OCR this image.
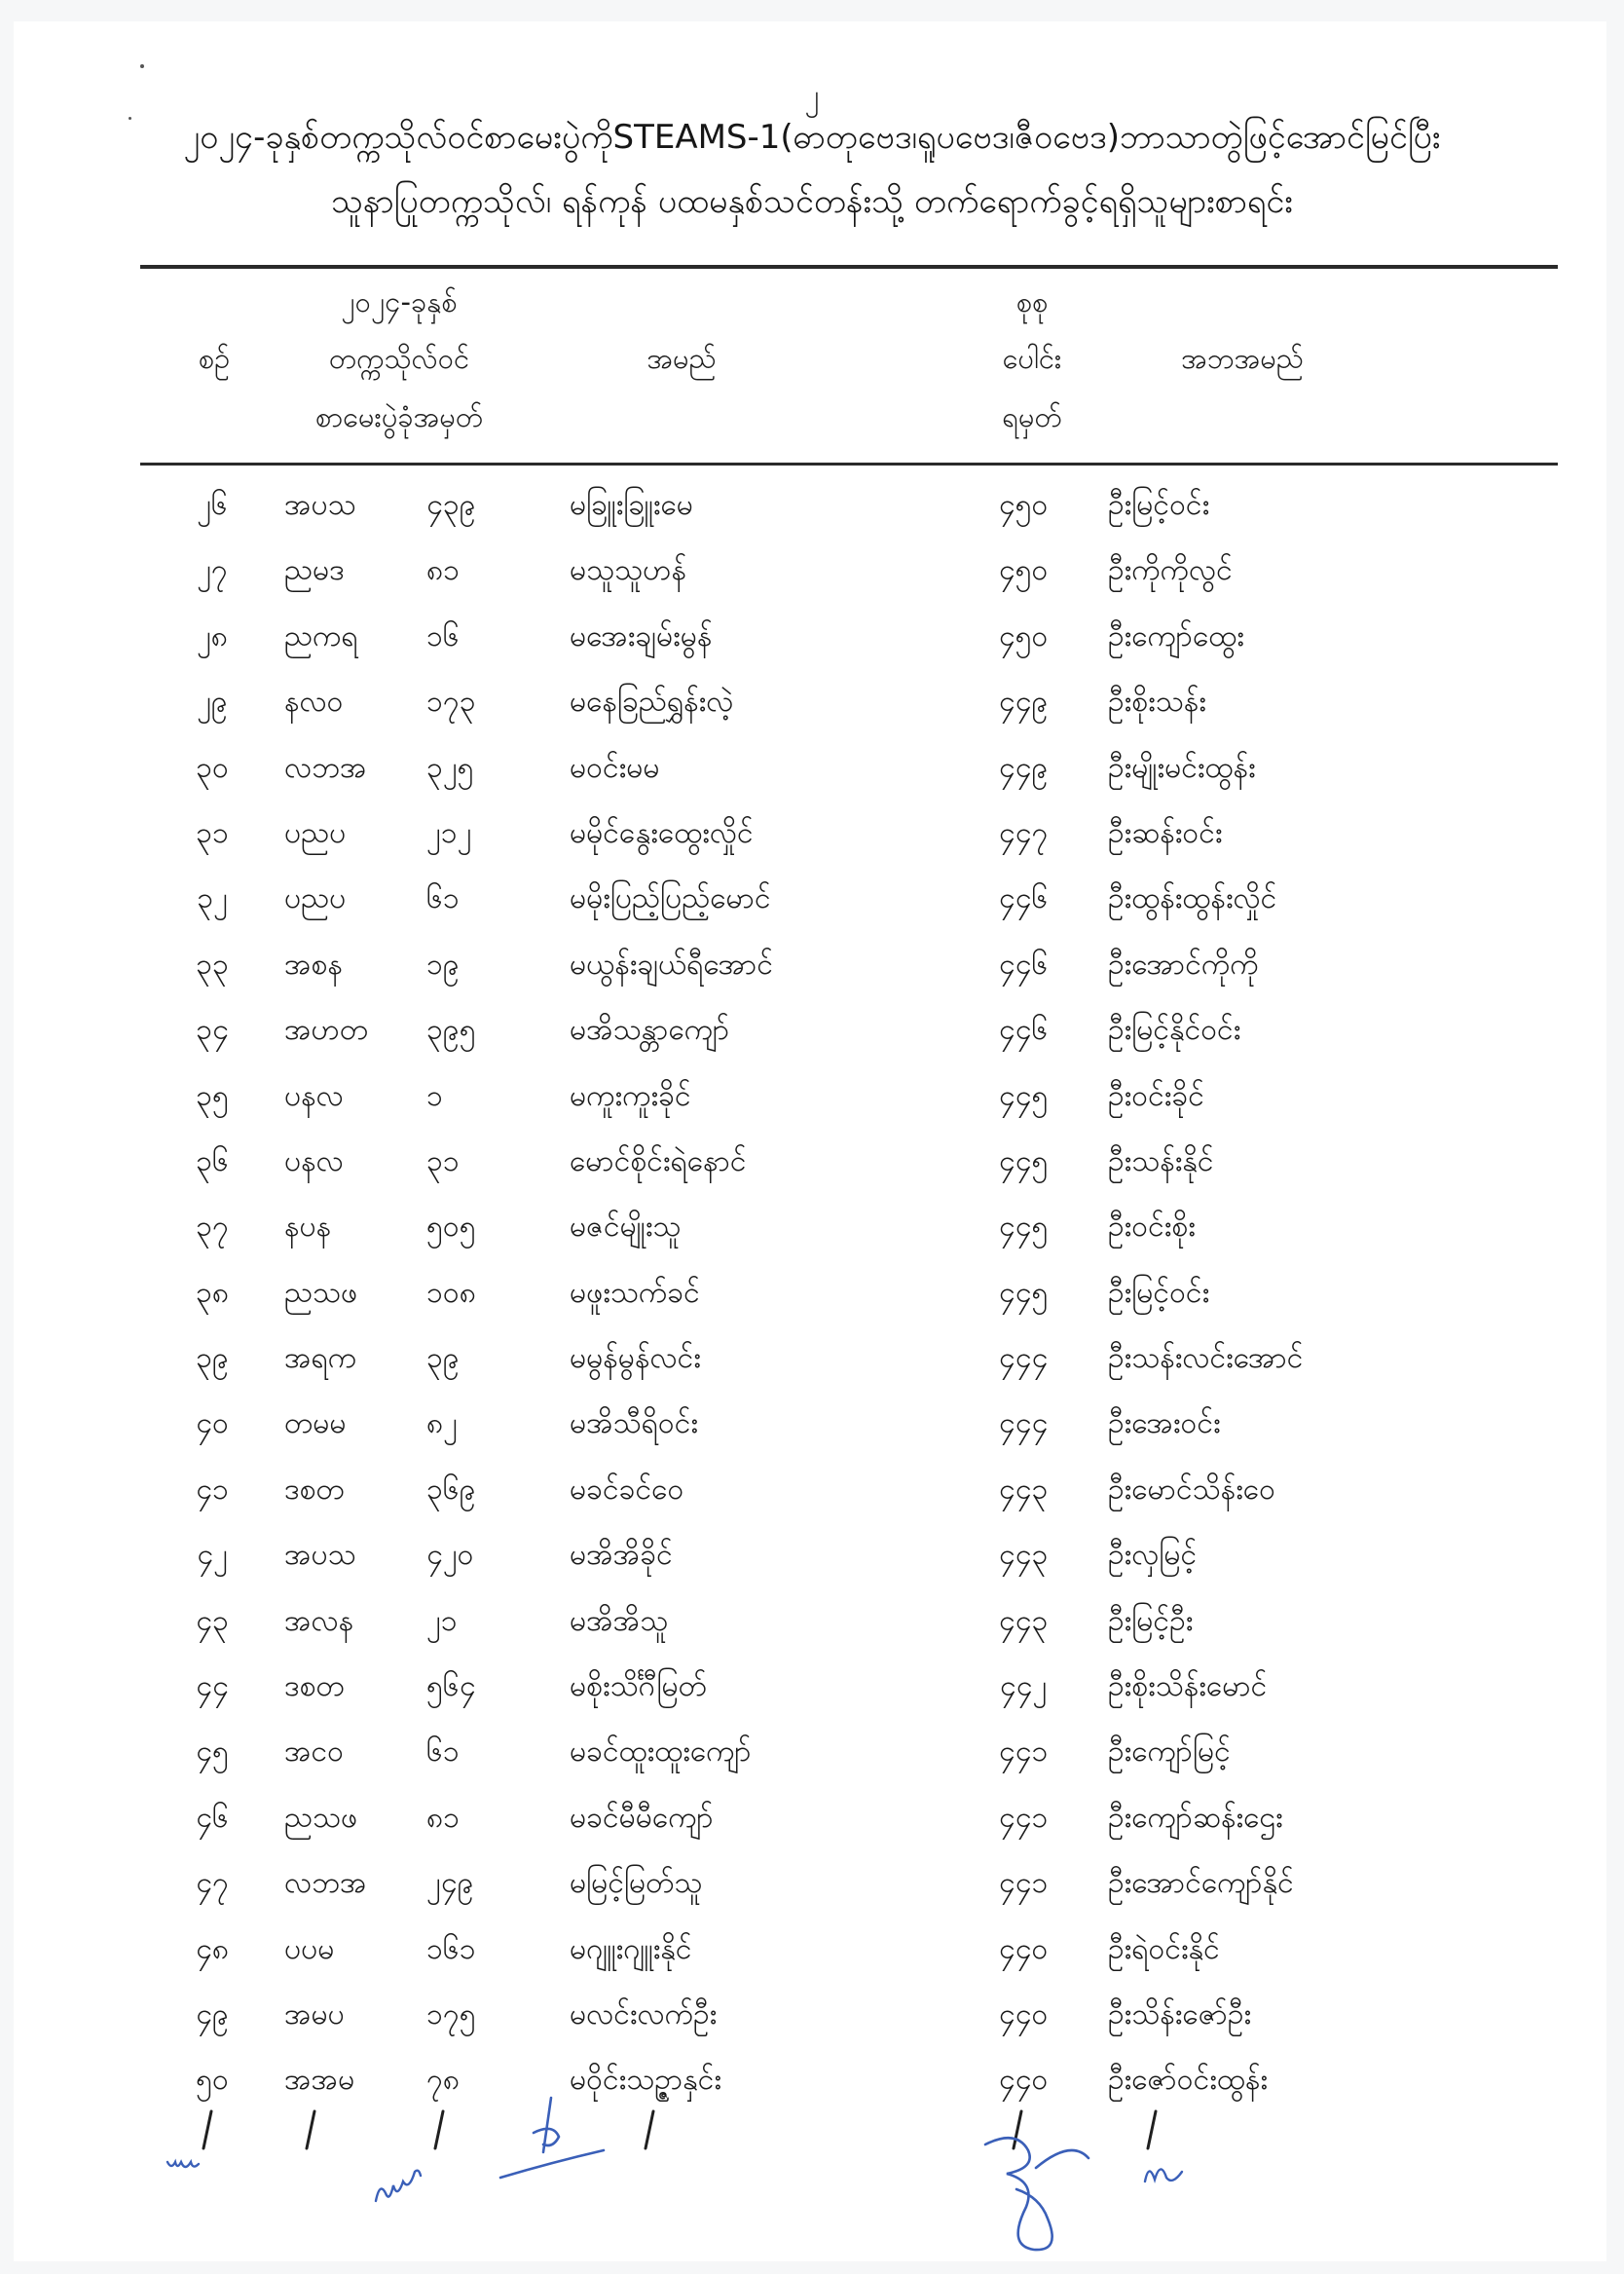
၂
၂၀၂၄-ခုနှစ်တက္ကသိုလ်ဝင်စာမေးပွဲကိုSTEAMS-1(ဓာတုဗေဒ၊ရူပဗေဒ၊ဇီဝဗေဒ)ဘာသာတွဲဖြင့်အောင်မြင်ပြီး
သူနာပြုတက္ကသိုလ်၊ ရန်ကုန် ပထမနှစ်သင်တန်းသို့ တက်ရောက်ခွင့်ရရှိသူများစာရင်း
စဉ်
၂၀၂၄-ခုနှစ်
တက္ကသိုလ်ဝင်
စာမေးပွဲခုံအမှတ်
အမည်
စုစု
ပေါင်း
ရမှတ်
အဘအမည်
၂၆	အပသ ၄၃၉	မခြူးခြူးမေ	၄၅၀	ဦးမြင့်ဝင်း
၂၇	ညမဒ	၈၁	မသူသူဟန်	၄၅၀	ဦးကိုကိုလွင်
၂၈	ညကရ ၁၆	မအေးချမ်းမွန်	၄၅၀	ဦးကျော်ထွေး
၂၉	နလဝ	၁၇၃	မနေခြည်ရွှန်းလဲ့	၄၄၉	ဦးစိုးသန်း
၃၀	လဘအ ၃၂၅	မဝင်းမမ	၄၄၉	ဦးမျိုးမင်းထွန်း
၃၁	ပညပ	၂၁၂	မမိုင်နွေးထွေးလှိုင်	၄၄၇	ဦးဆန်းဝင်း
၃၂	ပညပ	၆၁	မမိုးပြည့်ပြည့်မောင်	၄၄၆	ဦးထွန်းထွန်းလှိုင်
၃၃	အစန	၁၉	မယွန်းချယ်ရီအောင်	၄၄၆	ဦးအောင်ကိုကို
၃၄	အဟတ ၃၉၅	မအိသန္တာကျော်	၄၄၆	ဦးမြင့်နိုင်ဝင်း
၃၅	ပနလ	၁	မကူးကူးခိုင်	၄၄၅	ဦးဝင်းခိုင်
၃၆	ပနလ	၃၁	မောင်စိုင်းရဲနောင်	၄၄၅	ဦးသန်းနိုင်
၃၇	နပန	၅၀၅	မဇင်မျိုးသူ	၄၄၅	ဦးဝင်းစိုး
၃၈	ညသဖ ၁၀၈	မဖူးသက်ခင်	၄၄၅	ဦးမြင့်ဝင်း
၃၉	အရက ၃၉	မမွန်မွန်လင်း	၄၄၄	ဦးသန်းလင်းအောင်
၄၀	တမမ	၈၂	မအိသီရိဝင်း	၄၄၄	ဦးအေးဝင်း
၄၁	ဒစတ	၃၆၉	မခင်ခင်ဝေ	၄၄၃	ဦးမောင်သိန်းဝေ
၄၂	အပသ ၄၂၀	မအိအိခိုင်	၄၄၃	ဦးလှမြင့်
၄၃	အလန ၂၁	မအိအိသူ	၄၄၃	ဦးမြင့်ဦး
၄၄	ဒစတ	၅၆၄	မစိုးသိင်္ဂီမြတ်	၄၄၂	ဦးစိုးသိန်းမောင်
၄၅	အင၀	၆၁	မခင်ထူးထူးကျော်	၄၄၁	ဦးကျော်မြင့်
၄၆	ညသဖ ၈၁	မခင်မီမီကျော်	၄၄၁	ဦးကျော်ဆန်းဌေး
၄၇	လဘအ ၂၄၉	မမြင့်မြတ်သူ	၄၄၁	ဦးအောင်ကျော်နိုင်
၄၈	ပပမ	၁၆၁	မဂျူးဂျူးနိုင်	၄၄၀	ဦးရဲဝင်းနိုင်
၄၉	အမပ	၁၇၅	မလင်းလက်ဦး	၄၄၀	ဦးသိန်းဇော်ဦး
၅၀	အအမ ၇၈	မဝိုင်းသဥ္ဇာနှင်း	၄၄၀	ဦးဇော်ဝင်းထွန်း
